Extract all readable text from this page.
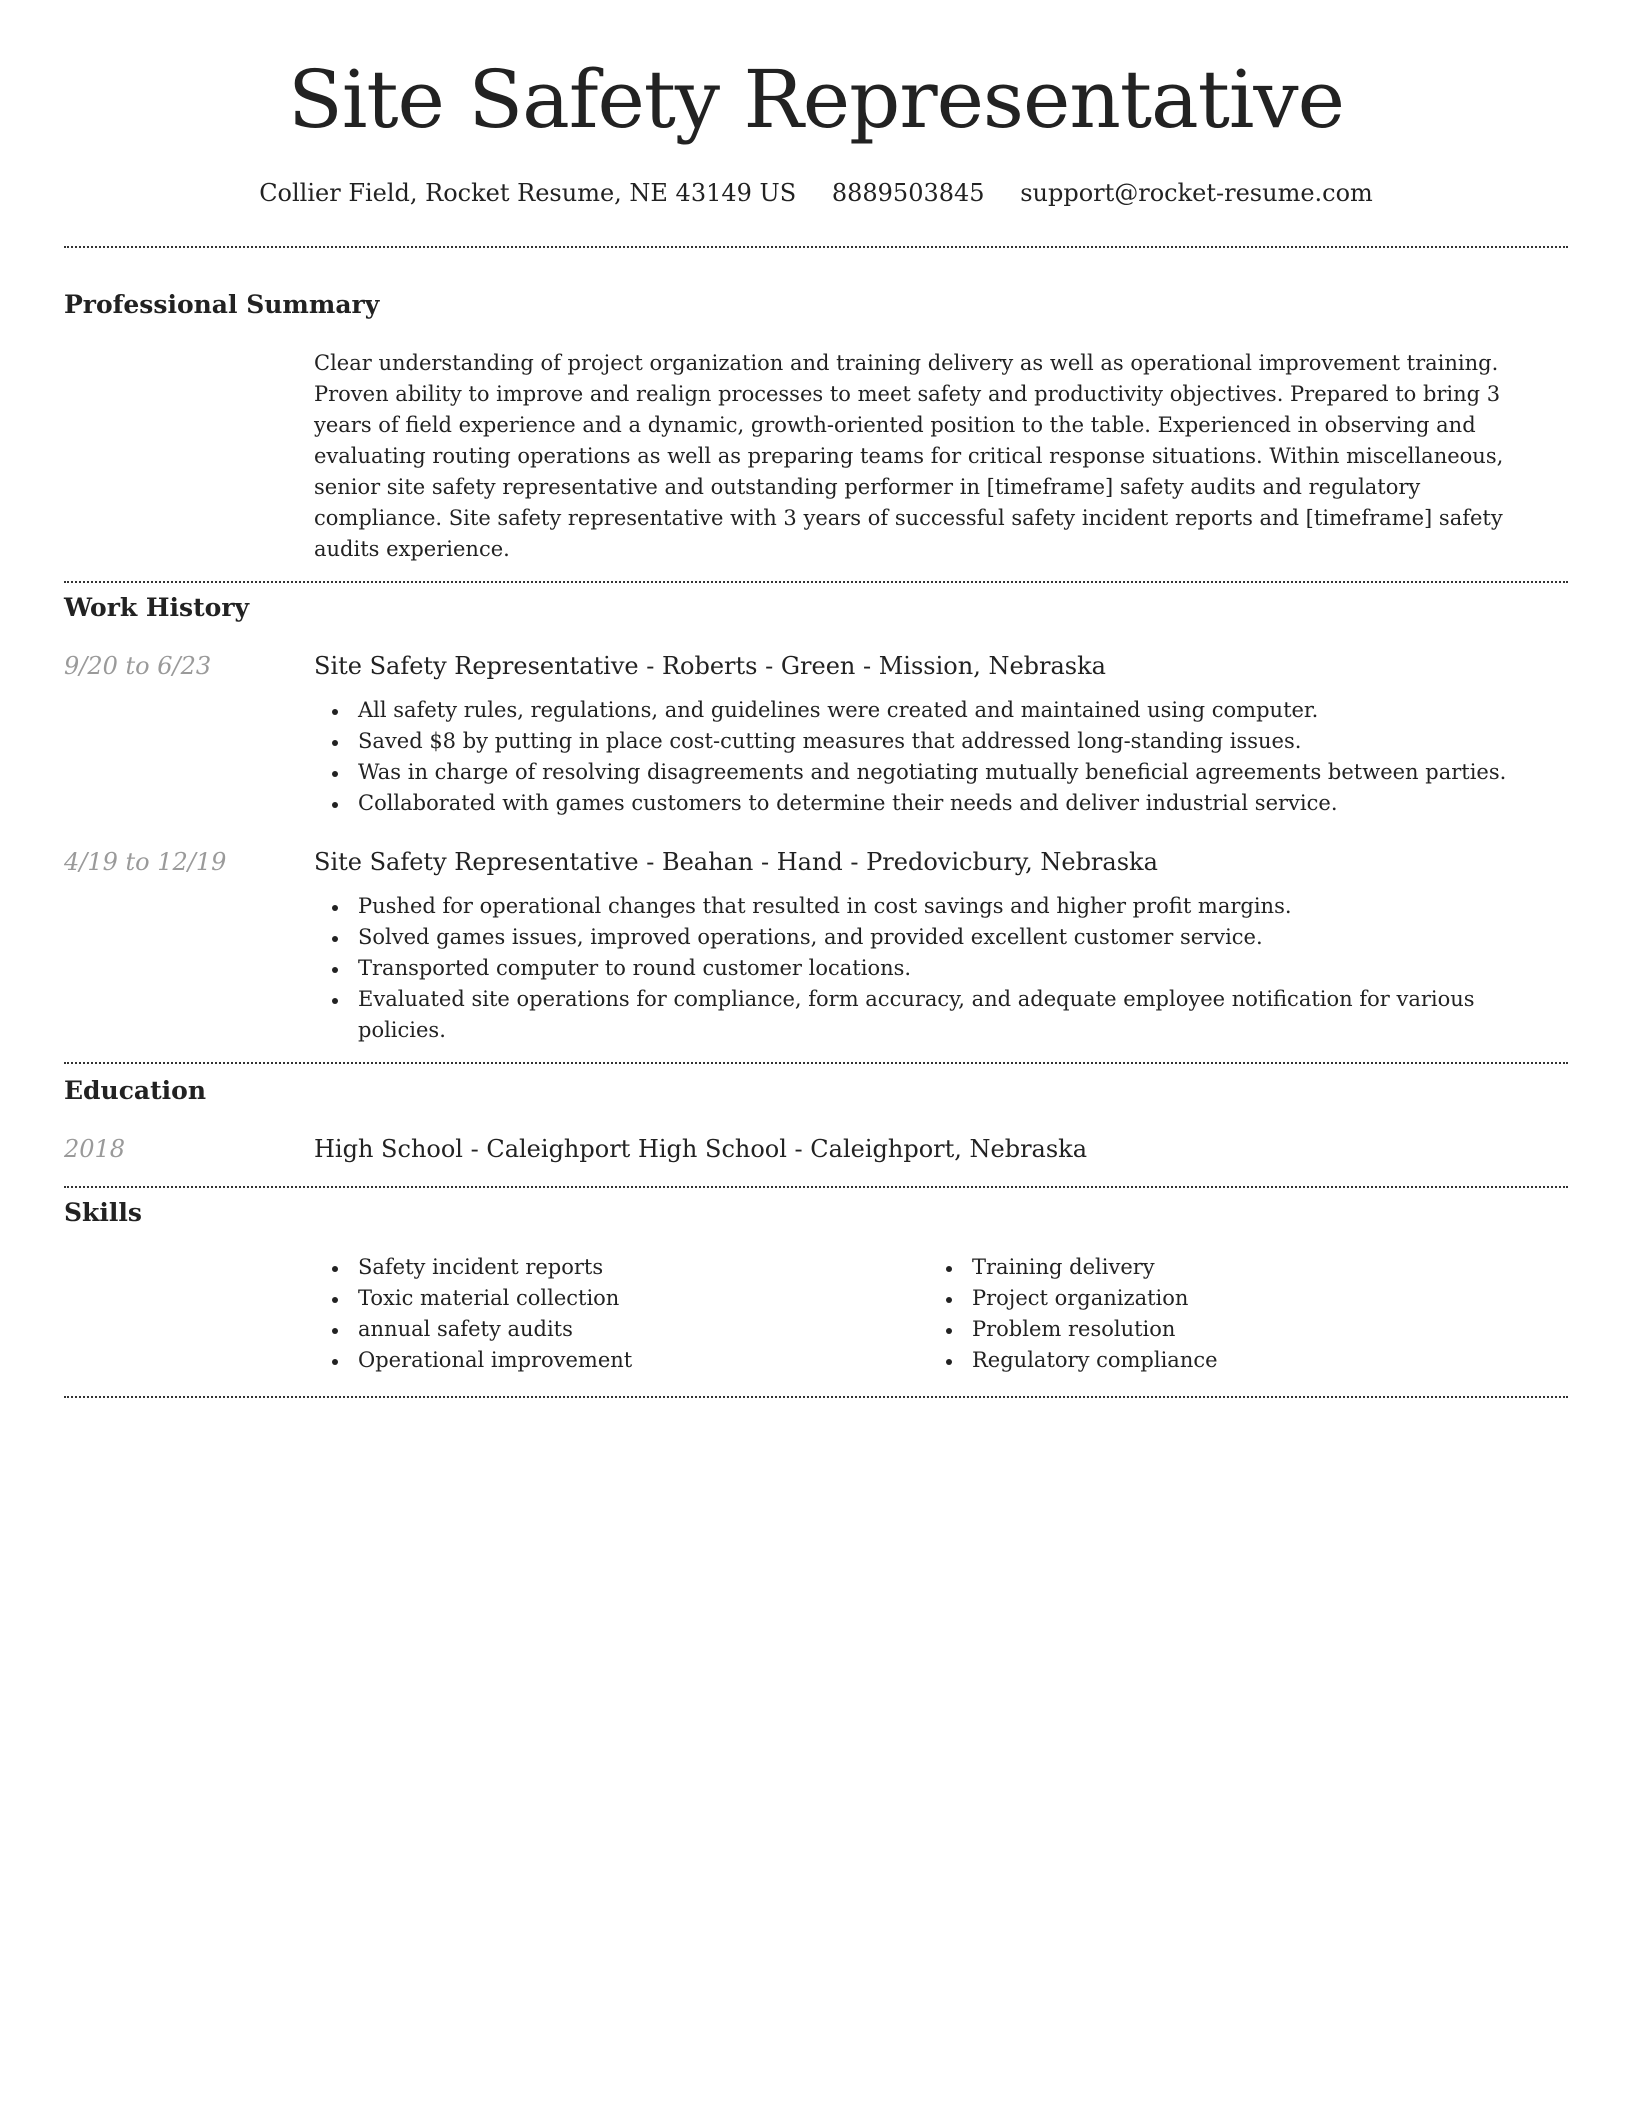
Site Safety Representative
Collier Field, Rocket Resume, NE 43149 US 8889503845 support@rocket-resume.com
Professional Summary

Clear understanding of project organization and training delivery as well as operational improvement training. Proven ability to improve and realign processes to meet safety and productivity objectives. Prepared to bring 3 years of field experience and a dynamic, growth-oriented position to the table. Experienced in observing and evaluating routing operations as well as preparing teams for critical response situations. Within miscellaneous, senior site safety representative and outstanding performer in [timeframe] safety audits and regulatory compliance. Site safety representative with 3 years of successful safety incident reports and [timeframe] safety audits experience.

Work History
9/20 to 6/23	Site Safety Representative - Roberts - Green - Mission, Nebraska
All safety rules, regulations, and guidelines were created and maintained using computer.
Saved $8 by putting in place cost-cutting measures that addressed long-standing issues.
Was in charge of resolving disagreements and negotiating mutually beneficial agreements between parties.
Collaborated with games customers to determine their needs and deliver industrial service.
4/19 to 12/19	Site Safety Representative - Beahan - Hand - Predovicbury, Nebraska
Pushed for operational changes that resulted in cost savings and higher profit margins.
Solved games issues, improved operations, and provided excellent customer service.
Transported computer to round customer locations.
Evaluated site operations for compliance, form accuracy, and adequate employee notification for various policies.
Education
2018	High School - Caleighport High School - Caleighport, Nebraska
Skills
Safety incident reports
Toxic material collection
annual safety audits
Operational improvement
Training delivery
Project organization
Problem resolution
Regulatory compliance
